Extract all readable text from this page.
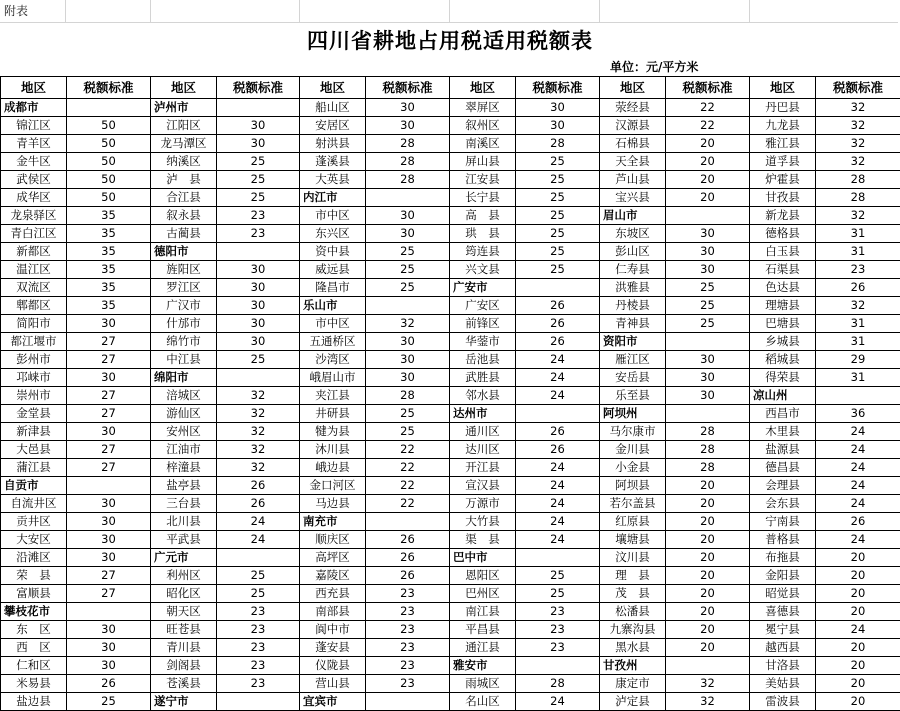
附表
四川省耕地占用税适用税额表
单位：元/平方米
地区	税额标准	地区	税额标准	地区	税额标准	地区	税额标准	地区	税额标准	地区	税额标准
成都市		泸州市		船山区	30	翠屏区	30	荥经县	22	丹巴县	32
锦江区	50	江阳区	30	安居区	30	叙州区	30	汉源县	22	九龙县	32
青羊区	50	龙马潭区	30	射洪县	28	南溪区	28	石棉县	20	雅江县	32
金牛区	50	纳溪区	25	蓬溪县	28	屏山县	25	天全县	20	道孚县	32
武侯区	50	泸　县	25	大英县	28	江安县	25	芦山县	20	炉霍县	28
成华区	50	合江县	25	内江市		长宁县	25	宝兴县	20	甘孜县	28
龙泉驿区	35	叙永县	23	市中区	30	高　县	25	眉山市		新龙县	32
青白江区	35	古蔺县	23	东兴区	30	珙　县	25	东坡区	30	德格县	31
新都区	35	德阳市		资中县	25	筠连县	25	彭山区	30	白玉县	31
温江区	35	旌阳区	30	威远县	25	兴文县	25	仁寿县	30	石渠县	23
双流区	35	罗江区	30	隆昌市	25	广安市		洪雅县	25	色达县	26
郫都区	35	广汉市	30	乐山市		广安区	26	丹棱县	25	理塘县	32
简阳市	30	什邡市	30	市中区	32	前锋区	26	青神县	25	巴塘县	31
都江堰市	27	绵竹市	30	五通桥区	30	华蓥市	26	资阳市		乡城县	31
彭州市	27	中江县	25	沙湾区	30	岳池县	24	雁江区	30	稻城县	29
邛崃市	30	绵阳市		峨眉山市	30	武胜县	24	安岳县	30	得荣县	31
崇州市	27	涪城区	32	夹江县	28	邻水县	24	乐至县	30	凉山州	
金堂县	27	游仙区	32	井研县	25	达州市		阿坝州		西昌市	36
新津县	30	安州区	32	犍为县	25	通川区	26	马尔康市	28	木里县	24
大邑县	27	江油市	32	沐川县	22	达川区	26	金川县	28	盐源县	24
蒲江县	27	梓潼县	32	峨边县	22	开江县	24	小金县	28	德昌县	24
自贡市		盐亭县	26	金口河区	22	宣汉县	24	阿坝县	20	会理县	24
自流井区	30	三台县	26	马边县	22	万源市	24	若尔盖县	20	会东县	24
贡井区	30	北川县	24	南充市		大竹县	24	红原县	20	宁南县	26
大安区	30	平武县	24	顺庆区	26	渠　县	24	壤塘县	20	普格县	24
沿滩区	30	广元市		高坪区	26	巴中市		汶川县	20	布拖县	20
荣　县	27	利州区	25	嘉陵区	26	恩阳区	25	理　县	20	金阳县	20
富顺县	27	昭化区	25	西充县	23	巴州区	25	茂　县	20	昭觉县	20
攀枝花市		朝天区	23	南部县	23	南江县	23	松潘县	20	喜德县	20
东　区	30	旺苍县	23	阆中市	23	平昌县	23	九寨沟县	20	冕宁县	24
西　区	30	青川县	23	蓬安县	23	通江县	23	黑水县	20	越西县	20
仁和区	30	剑阁县	23	仪陇县	23	雅安市		甘孜州		甘洛县	20
米易县	26	苍溪县	23	营山县	23	雨城区	28	康定市	32	美姑县	20
盐边县	25	遂宁市		宜宾市		名山区	24	泸定县	32	雷波县	20
